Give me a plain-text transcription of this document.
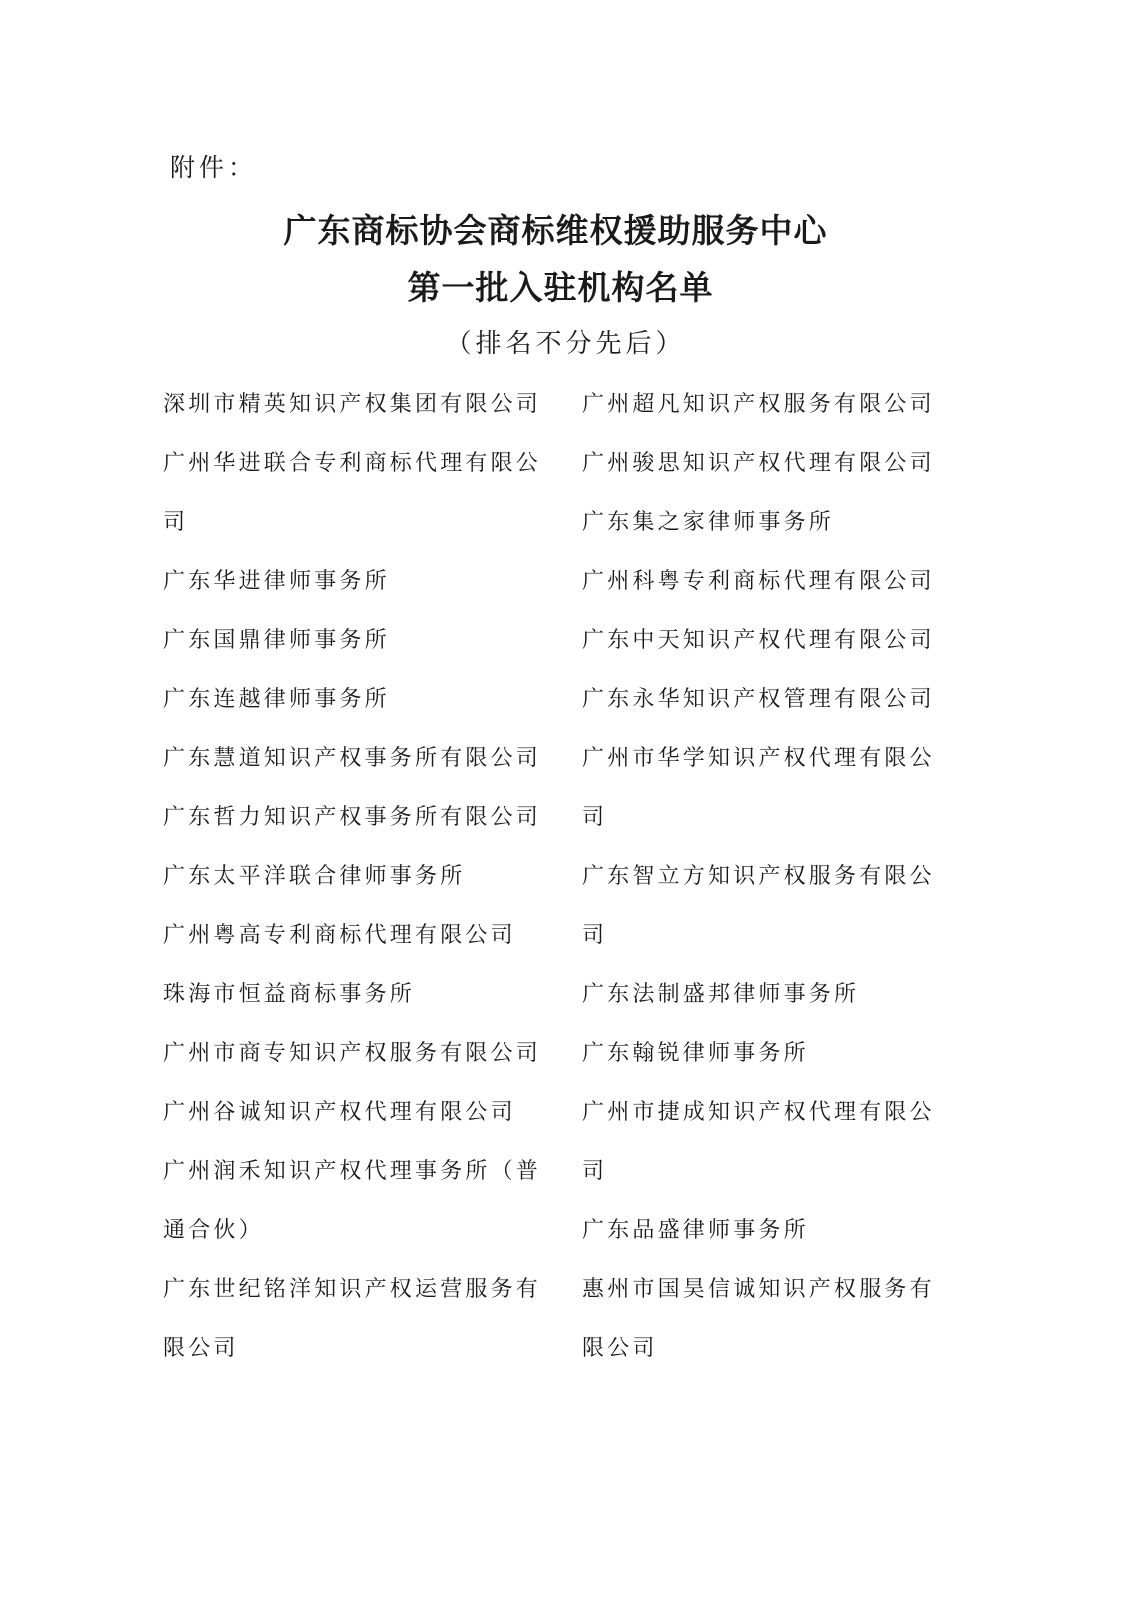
附件：
广东商标协会商标维权援助服务中心
第一批入驻机构名单
（排名不分先后）
深圳市精英知识产权集团有限公司
广州华进联合专利商标代理有限公司
广东华进律师事务所
广东国鼎律师事务所
广东连越律师事务所
广东慧道知识产权事务所有限公司
广东哲力知识产权事务所有限公司
广东太平洋联合律师事务所
广州粤高专利商标代理有限公司
珠海市恒益商标事务所
广州市商专知识产权服务有限公司
广州谷诚知识产权代理有限公司
广州润禾知识产权代理事务所（普通合伙）
广东世纪铭洋知识产权运营服务有限公司
广州超凡知识产权服务有限公司
广州骏思知识产权代理有限公司
广东集之家律师事务所
广州科粤专利商标代理有限公司
广东中天知识产权代理有限公司
广东永华知识产权管理有限公司
广州市华学知识产权代理有限公司
广东智立方知识产权服务有限公司
广东法制盛邦律师事务所
广东翰锐律师事务所
广州市捷成知识产权代理有限公司
广东品盛律师事务所
惠州市国昊信诚知识产权服务有限公司
